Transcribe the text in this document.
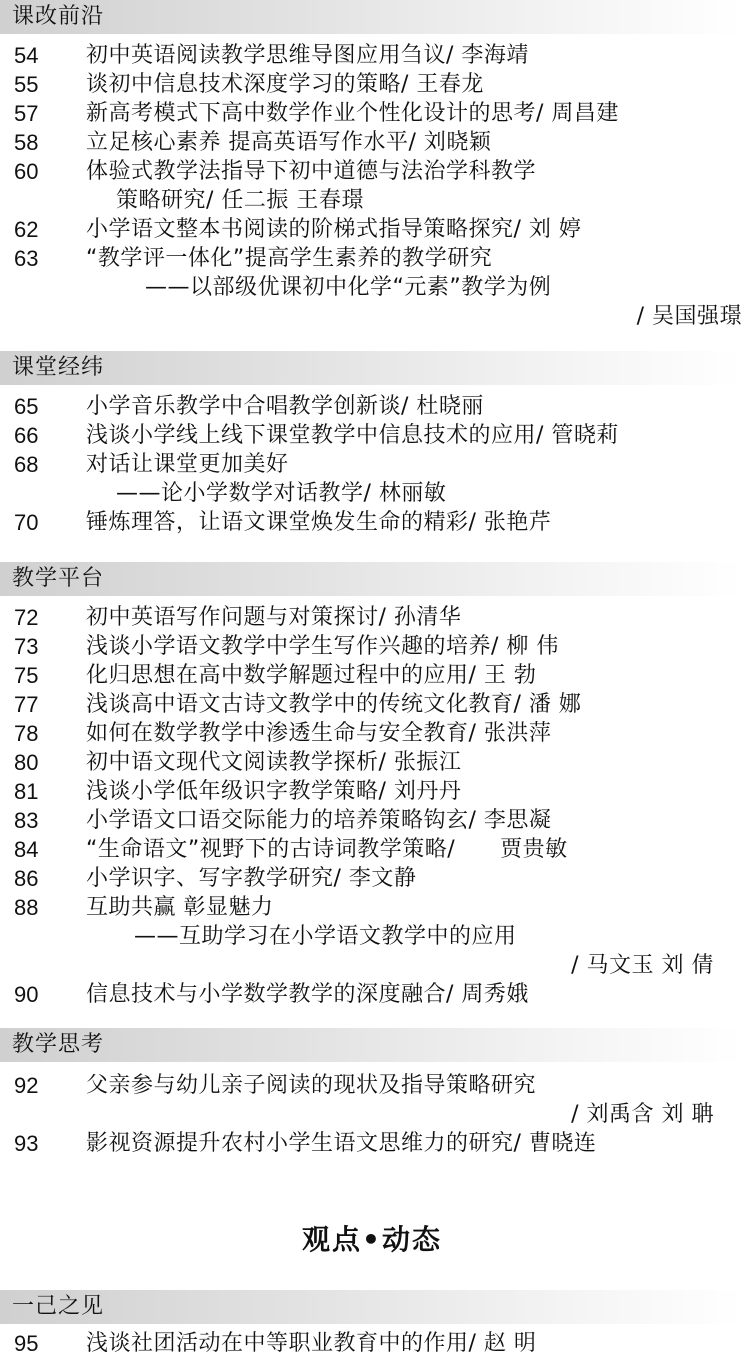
课改前沿
54 初中英语阅读教学思维导图应用刍议/ 李海靖
55 谈初中信息技术深度学习的策略/ 王春龙
57 新高考模式下高中数学作业个性化设计的思考/ 周昌建
58 立足核心素养 提高英语写作水平/ 刘晓颖
60 体验式教学法指导下初中道德与法治学科教学
策略研究/ 任二振 王春璟
62 小学语文整本书阅读的阶梯式指导策略探究/ 刘 婷
63 “教学评一体化”提高学生素养的教学研究
——以部级优课初中化学“元素”教学为例
/ 吴国强璟
课堂经纬
65 小学音乐教学中合唱教学创新谈/ 杜晓丽
66 浅谈小学线上线下课堂教学中信息技术的应用/ 管晓莉
68 对话让课堂更加美好
——论小学数学对话教学/ 林丽敏
70 锤炼理答，让语文课堂焕发生命的精彩/ 张艳芹
教学平台
72 初中英语写作问题与对策探讨/ 孙清华
73 浅谈小学语文教学中学生写作兴趣的培养/ 柳 伟
75 化归思想在高中数学解题过程中的应用/ 王 勃
77 浅谈高中语文古诗文教学中的传统文化教育/ 潘 娜
78 如何在数学教学中渗透生命与安全教育/ 张洪萍
80 初中语文现代文阅读教学探析/ 张振江
81 浅谈小学低年级识字教学策略/ 刘丹丹
83 小学语文口语交际能力的培养策略钩玄/ 李思凝
84 “生命语文”视野下的古诗词教学策略/      贾贵敏
86 小学识字、写字教学研究/ 李文静
88 互助共赢 彰显魅力
——互助学习在小学语文教学中的应用
/ 马文玉 刘 倩
90 信息技术与小学数学教学的深度融合/ 周秀娥
教学思考
92 父亲参与幼儿亲子阅读的现状及指导策略研究
/ 刘禹含 刘 聃
93 影视资源提升农村小学生语文思维力的研究/ 曹晓连
观点•动态
一己之见
95 浅谈社团活动在中等职业教育中的作用/ 赵 明
